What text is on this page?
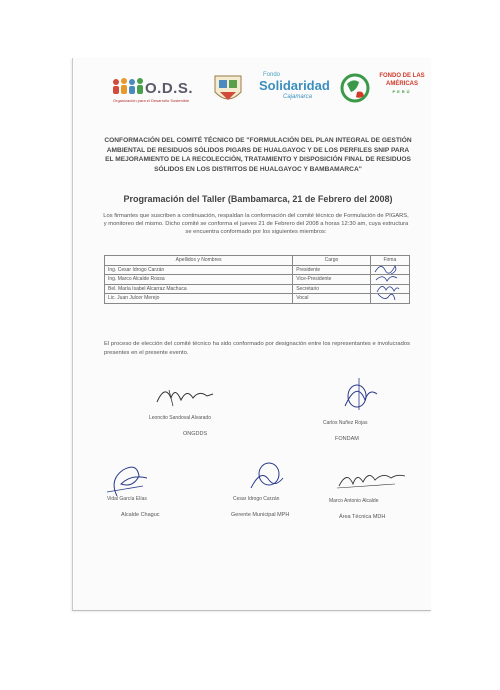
O.D.S.
Organización para el Desarrollo Sostenible
Fondo
Solidaridad
Cajamarca
FONDO DE LAS
AMÉRICAS
PERÚ
CONFORMACIÓN DEL COMITÉ TÉCNICO DE "FORMULACIÓN DEL PLAN INTEGRAL DE GESTIÓN AMBIENTAL DE RESIDUOS SÓLIDOS PIGARS DE HUALGAYOC Y DE LOS PERFILES SNIP PARA EL MEJORAMIENTO DE LA RECOLECCIÓN, TRATAMIENTO Y DISPOSICIÓN FINAL DE RESIDUOS SÓLIDOS EN LOS DISTRITOS DE HUALGAYOC Y BAMBAMARCA"
Programación del Taller (Bambamarca, 21 de Febrero del 2008)
Los firmantes que suscriben a continuación, respaldan la conformación del comité técnico de Formulación de PIGARS, y monitoreo del mismo. Dicho comité se conforma el jueves 21 de Febrero del 2008 a horas 12:30 am, cuya estructura se encuentra conformado por los siguientes miembros:
Apellidos y Nombres	Cargo	Firma
Ing. Cesar Idrogo Carzán	Presidente	

Ing. Marco Alcalde Rossa	Vice-Presidente	

Bel. María Isabel Alcarraz Machuca	Secretario	

Lic. Juan Julcer Merejo	Vocal	
El proceso de elección del comité técnico ha sido conformado por designación entre los representantes e involucrados presentes en el presente evento.
Leoncito Sandoval Alvarado
ONGDDS
Carlos Nuñez Rojas
FONDAM
Vidal García Elías
Alcalde Chaguc
Cesar Idrogo Carzán
Gerente Municipal MPH
Marco Antonio Alcalde
Área Técnica MDH
